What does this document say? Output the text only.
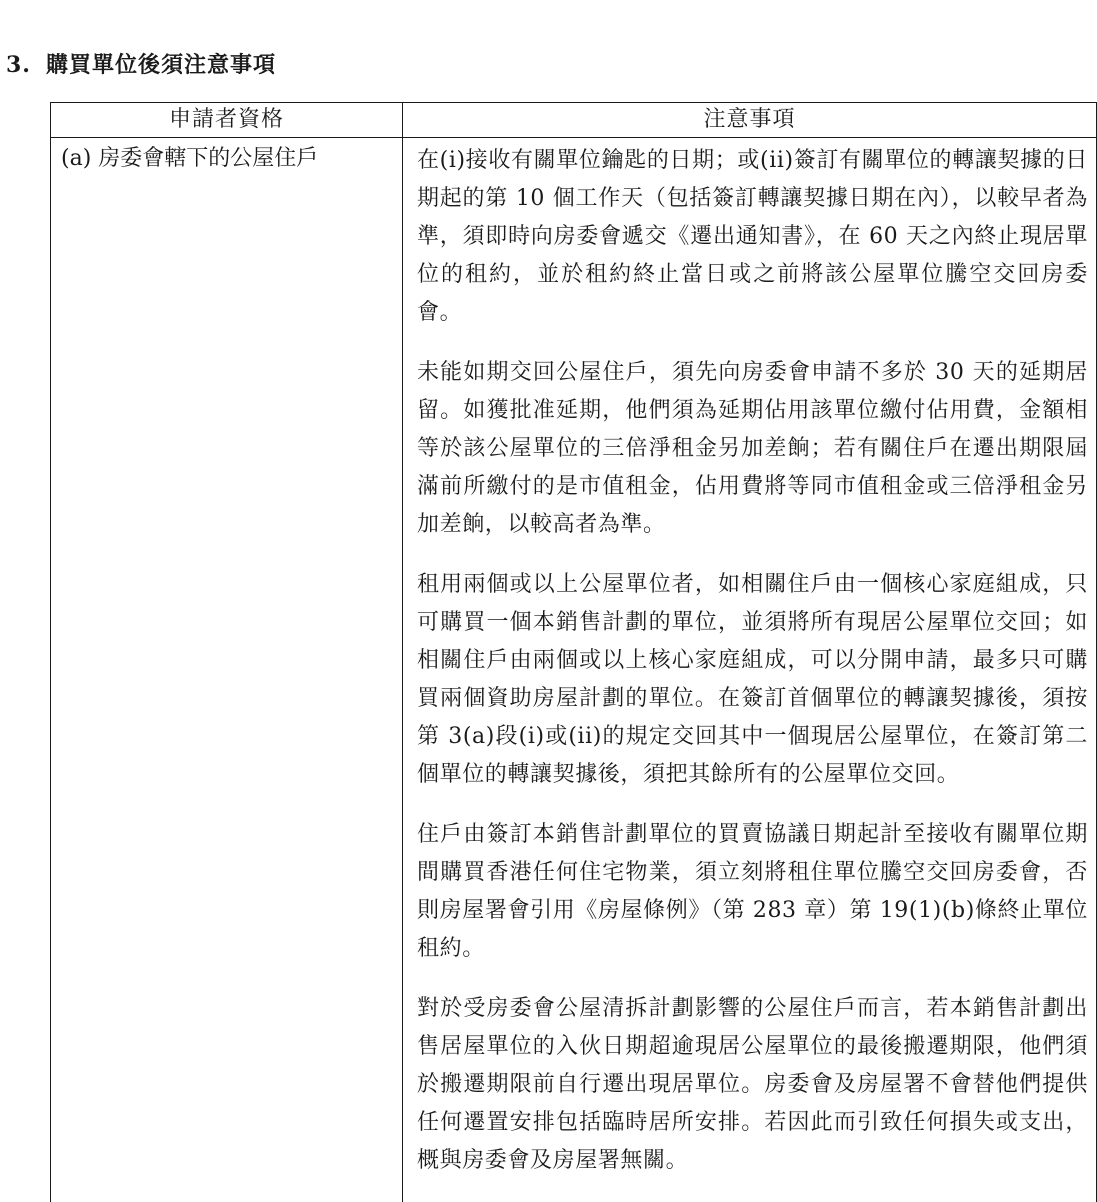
3. 購買單位後須注意事項
申請者資格	注意事項
(a) 房委會轄下的公屋住戶	在(i)接收有關單位鑰匙的日期；或(ii)簽訂有關單位的轉讓契據的日期起的第 10 個工作天（包括簽訂轉讓契據日期在內），以較早者為準，須即時向房委會遞交《遷出通知書》，在 60 天之內終止現居單位的租約，並於租約終止當日或之前將該公屋單位騰空交回房委會。

未能如期交回公屋住戶，須先向房委會申請不多於 30 天的延期居留。如獲批准延期，他們須為延期佔用該單位繳付佔用費，金額相等於該公屋單位的三倍淨租金另加差餉；若有關住戶在遷出期限屆滿前所繳付的是市值租金，佔用費將等同市值租金或三倍淨租金另加差餉，以較高者為準。

租用兩個或以上公屋單位者，如相關住戶由一個核心家庭組成，只可購買一個本銷售計劃的單位，並須將所有現居公屋單位交回；如相關住戶由兩個或以上核心家庭組成，可以分開申請，最多只可購買兩個資助房屋計劃的單位。在簽訂首個單位的轉讓契據後，須按第 3(a)段(i)或(ii)的規定交回其中一個現居公屋單位，在簽訂第二個單位的轉讓契據後，須把其餘所有的公屋單位交回。

住戶由簽訂本銷售計劃單位的買賣協議日期起計至接收有關單位期間購買香港任何住宅物業，須立刻將租住單位騰空交回房委會，否則房屋署會引用《房屋條例》（第 283 章）第 19(1)(b)條終止單位租約。

對於受房委會公屋清拆計劃影響的公屋住戶而言，若本銷售計劃出售居屋單位的入伙日期超逾現居公屋單位的最後搬遷期限，他們須於搬遷期限前自行遷出現居單位。房委會及房屋署不會替他們提供任何遷置安排包括臨時居所安排。若因此而引致任何損失或支出，概與房委會及房屋署無關。
